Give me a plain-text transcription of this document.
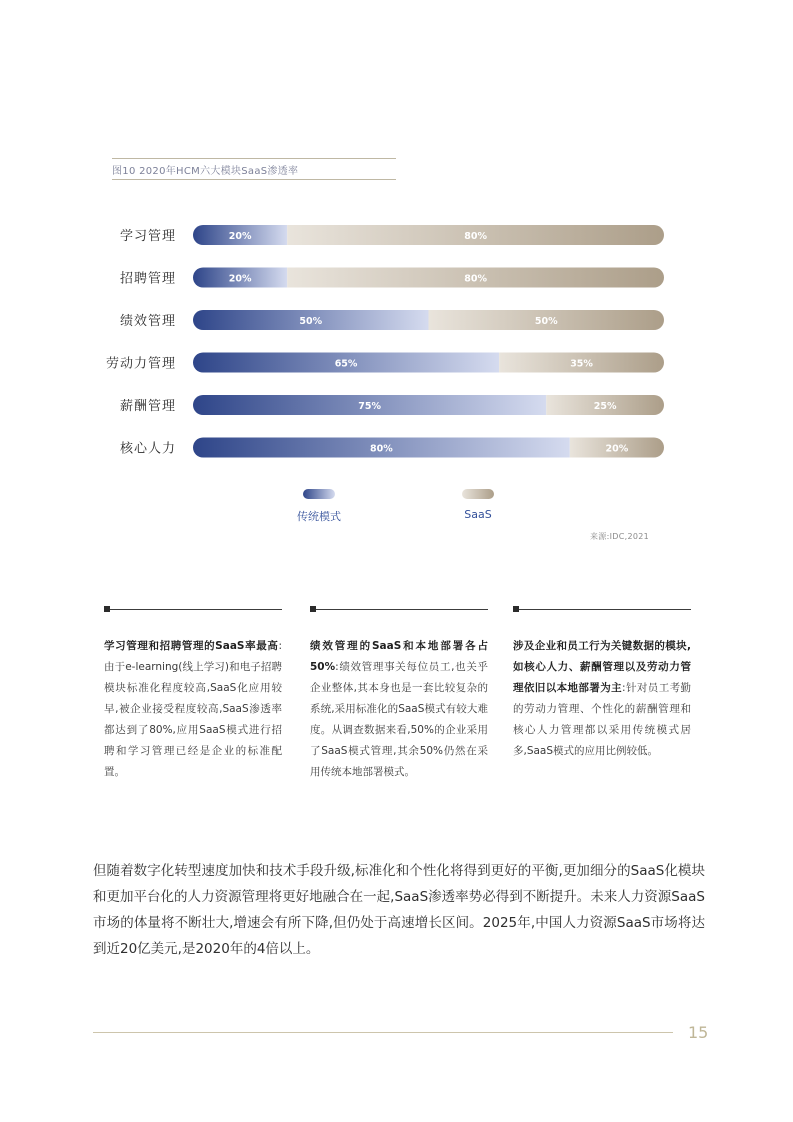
图10 2020年HCM六大模块SaaS渗透率
学习管理	20%	80%
招聘管理	20%	80%
绩效管理	50%	50%
劳动力管理	65%	35%
薪酬管理	75%	25%
核心人力	80%	20%
传统模式	SaaS
来源:IDC,2021

学习管理和招聘管理的SaaS率最高:由于e-learning(线上学习)和电子招聘模块标准化程度较高,SaaS化应用较早,被企业接受程度较高,SaaS渗透率都达到了80%,应用SaaS模式进行招聘和学习管理已经是企业的标准配置。

绩效管理的SaaS和本地部署各占50%:绩效管理事关每位员工,也关乎企业整体,其本身也是一套比较复杂的系统,采用标准化的SaaS模式有较大难度。从调查数据来看,50%的企业采用了SaaS模式管理,其余50%仍然在采用传统本地部署模式。

涉及企业和员工行为关键数据的模块,如核心人力、薪酬管理以及劳动力管理依旧以本地部署为主:针对员工考勤的劳动力管理、个性化的薪酬管理和核心人力管理都以采用传统模式居多,SaaS模式的应用比例较低。

但随着数字化转型速度加快和技术手段升级,标准化和个性化将得到更好的平衡,更加细分的SaaS化模块和更加平台化的人力资源管理将更好地融合在一起,SaaS渗透率势必得到不断提升。未来人力资源SaaS市场的体量将不断壮大,增速会有所下降,但仍处于高速增长区间。2025年,中国人力资源SaaS市场将达到近20亿美元,是2020年的4倍以上。

15
